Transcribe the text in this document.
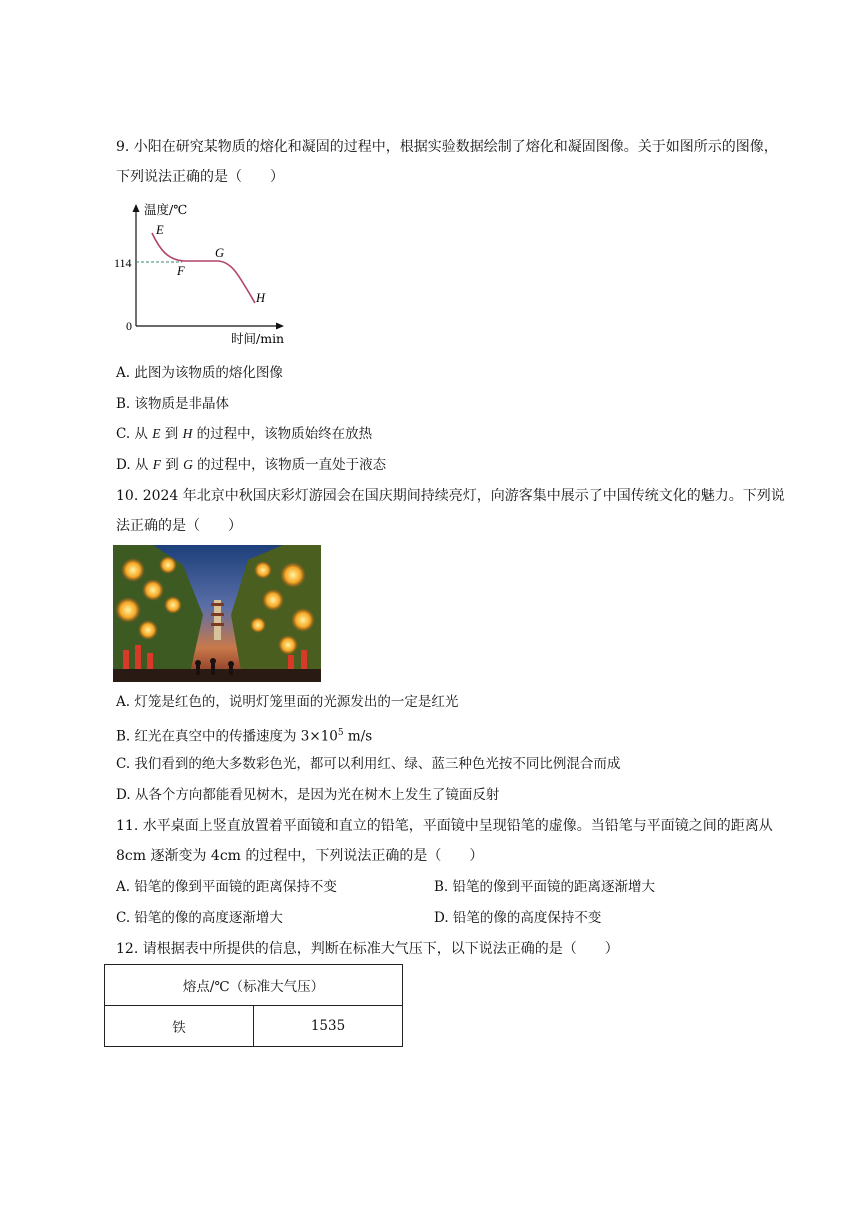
9. 小阳在研究某物质的熔化和凝固的过程中，根据实验数据绘制了熔化和凝固图像。关于如图所示的图像，
下列说法正确的是（　　）
温度/℃
时间/min
114
0
E
F
G
H
A. 此图为该物质的熔化图像
B. 该物质是非晶体
C. 从 E 到 H 的过程中，该物质始终在放热
D. 从 F 到 G 的过程中，该物质一直处于液态
10. 2024 年北京中秋国庆彩灯游园会在国庆期间持续亮灯，向游客集中展示了中国传统文化的魅力。下列说
法正确的是（　　）
A. 灯笼是红色的，说明灯笼里面的光源发出的一定是红光
B. 红光在真空中的传播速度为 $3\times 10^5$ m/s
C. 我们看到的绝大多数彩色光，都可以利用红、绿、蓝三种色光按不同比例混合而成
D. 从各个方向都能看见树木，是因为光在树木上发生了镜面反射
11. 水平桌面上竖直放置着平面镜和直立的铅笔，平面镜中呈现铅笔的虚像。当铅笔与平面镜之间的距离从
8cm 逐渐变为 4cm 的过程中，下列说法正确的是（　　）
A. 铅笔的像到平面镜的距离保持不变	B. 铅笔的像到平面镜的距离逐渐增大
C. 铅笔的像的高度逐渐增大	D. 铅笔的像的高度保持不变
12. 请根据表中所提供的信息，判断在标准大气压下，以下说法正确的是（　　）
熔点/℃（标准大气压）
铁	1535
